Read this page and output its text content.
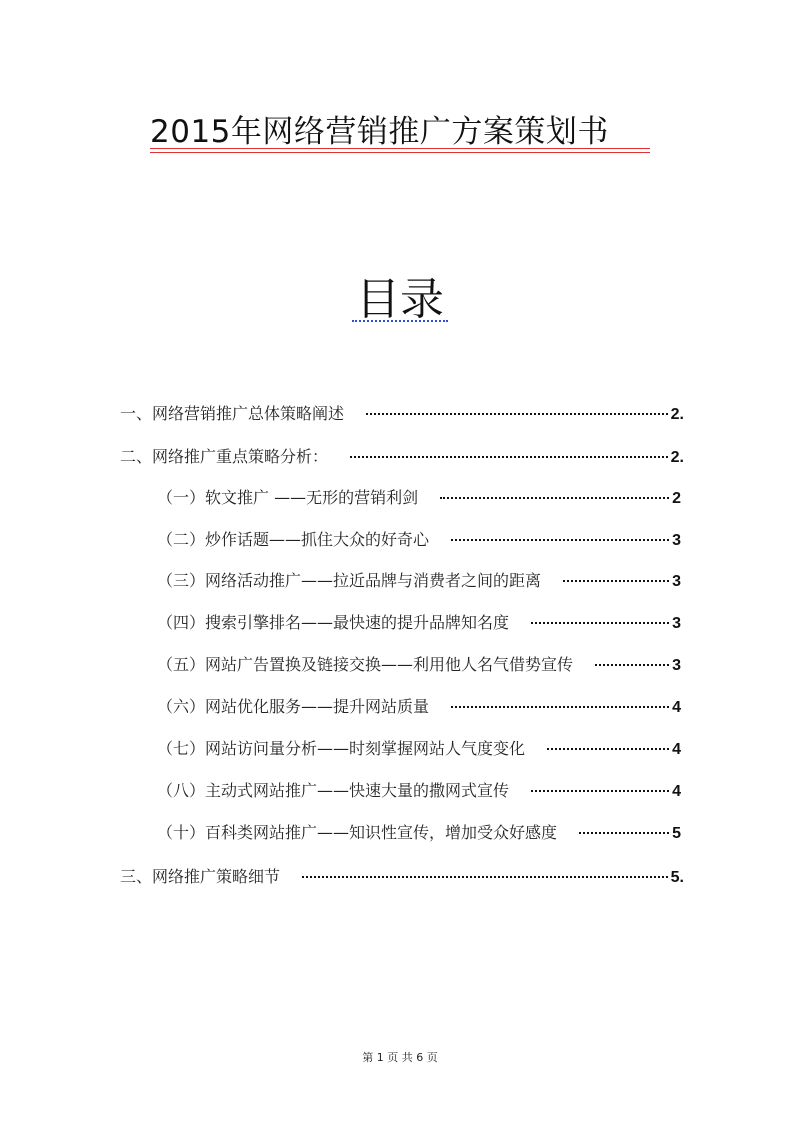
2015年网络营销推广方案策划书
目录
一、网络营销推广总体策略阐述	2.
二、网络推广重点策略分析：	2.
（一）软文推广 ——无形的营销利剑	2
（二）炒作话题——抓住大众的好奇心	3
（三）网络活动推广——拉近品牌与消费者之间的距离	3
（四）搜索引擎排名——最快速的提升品牌知名度	3
（五）网站广告置换及链接交换——利用他人名气借势宣传	3
（六）网站优化服务——提升网站质量	4
（七）网站访问量分析——时刻掌握网站人气度变化	4
（八）主动式网站推广——快速大量的撒网式宣传	4
（十）百科类网站推广——知识性宣传，增加受众好感度	5
三、网络推广策略细节	5.
第 1 页 共 6 页
